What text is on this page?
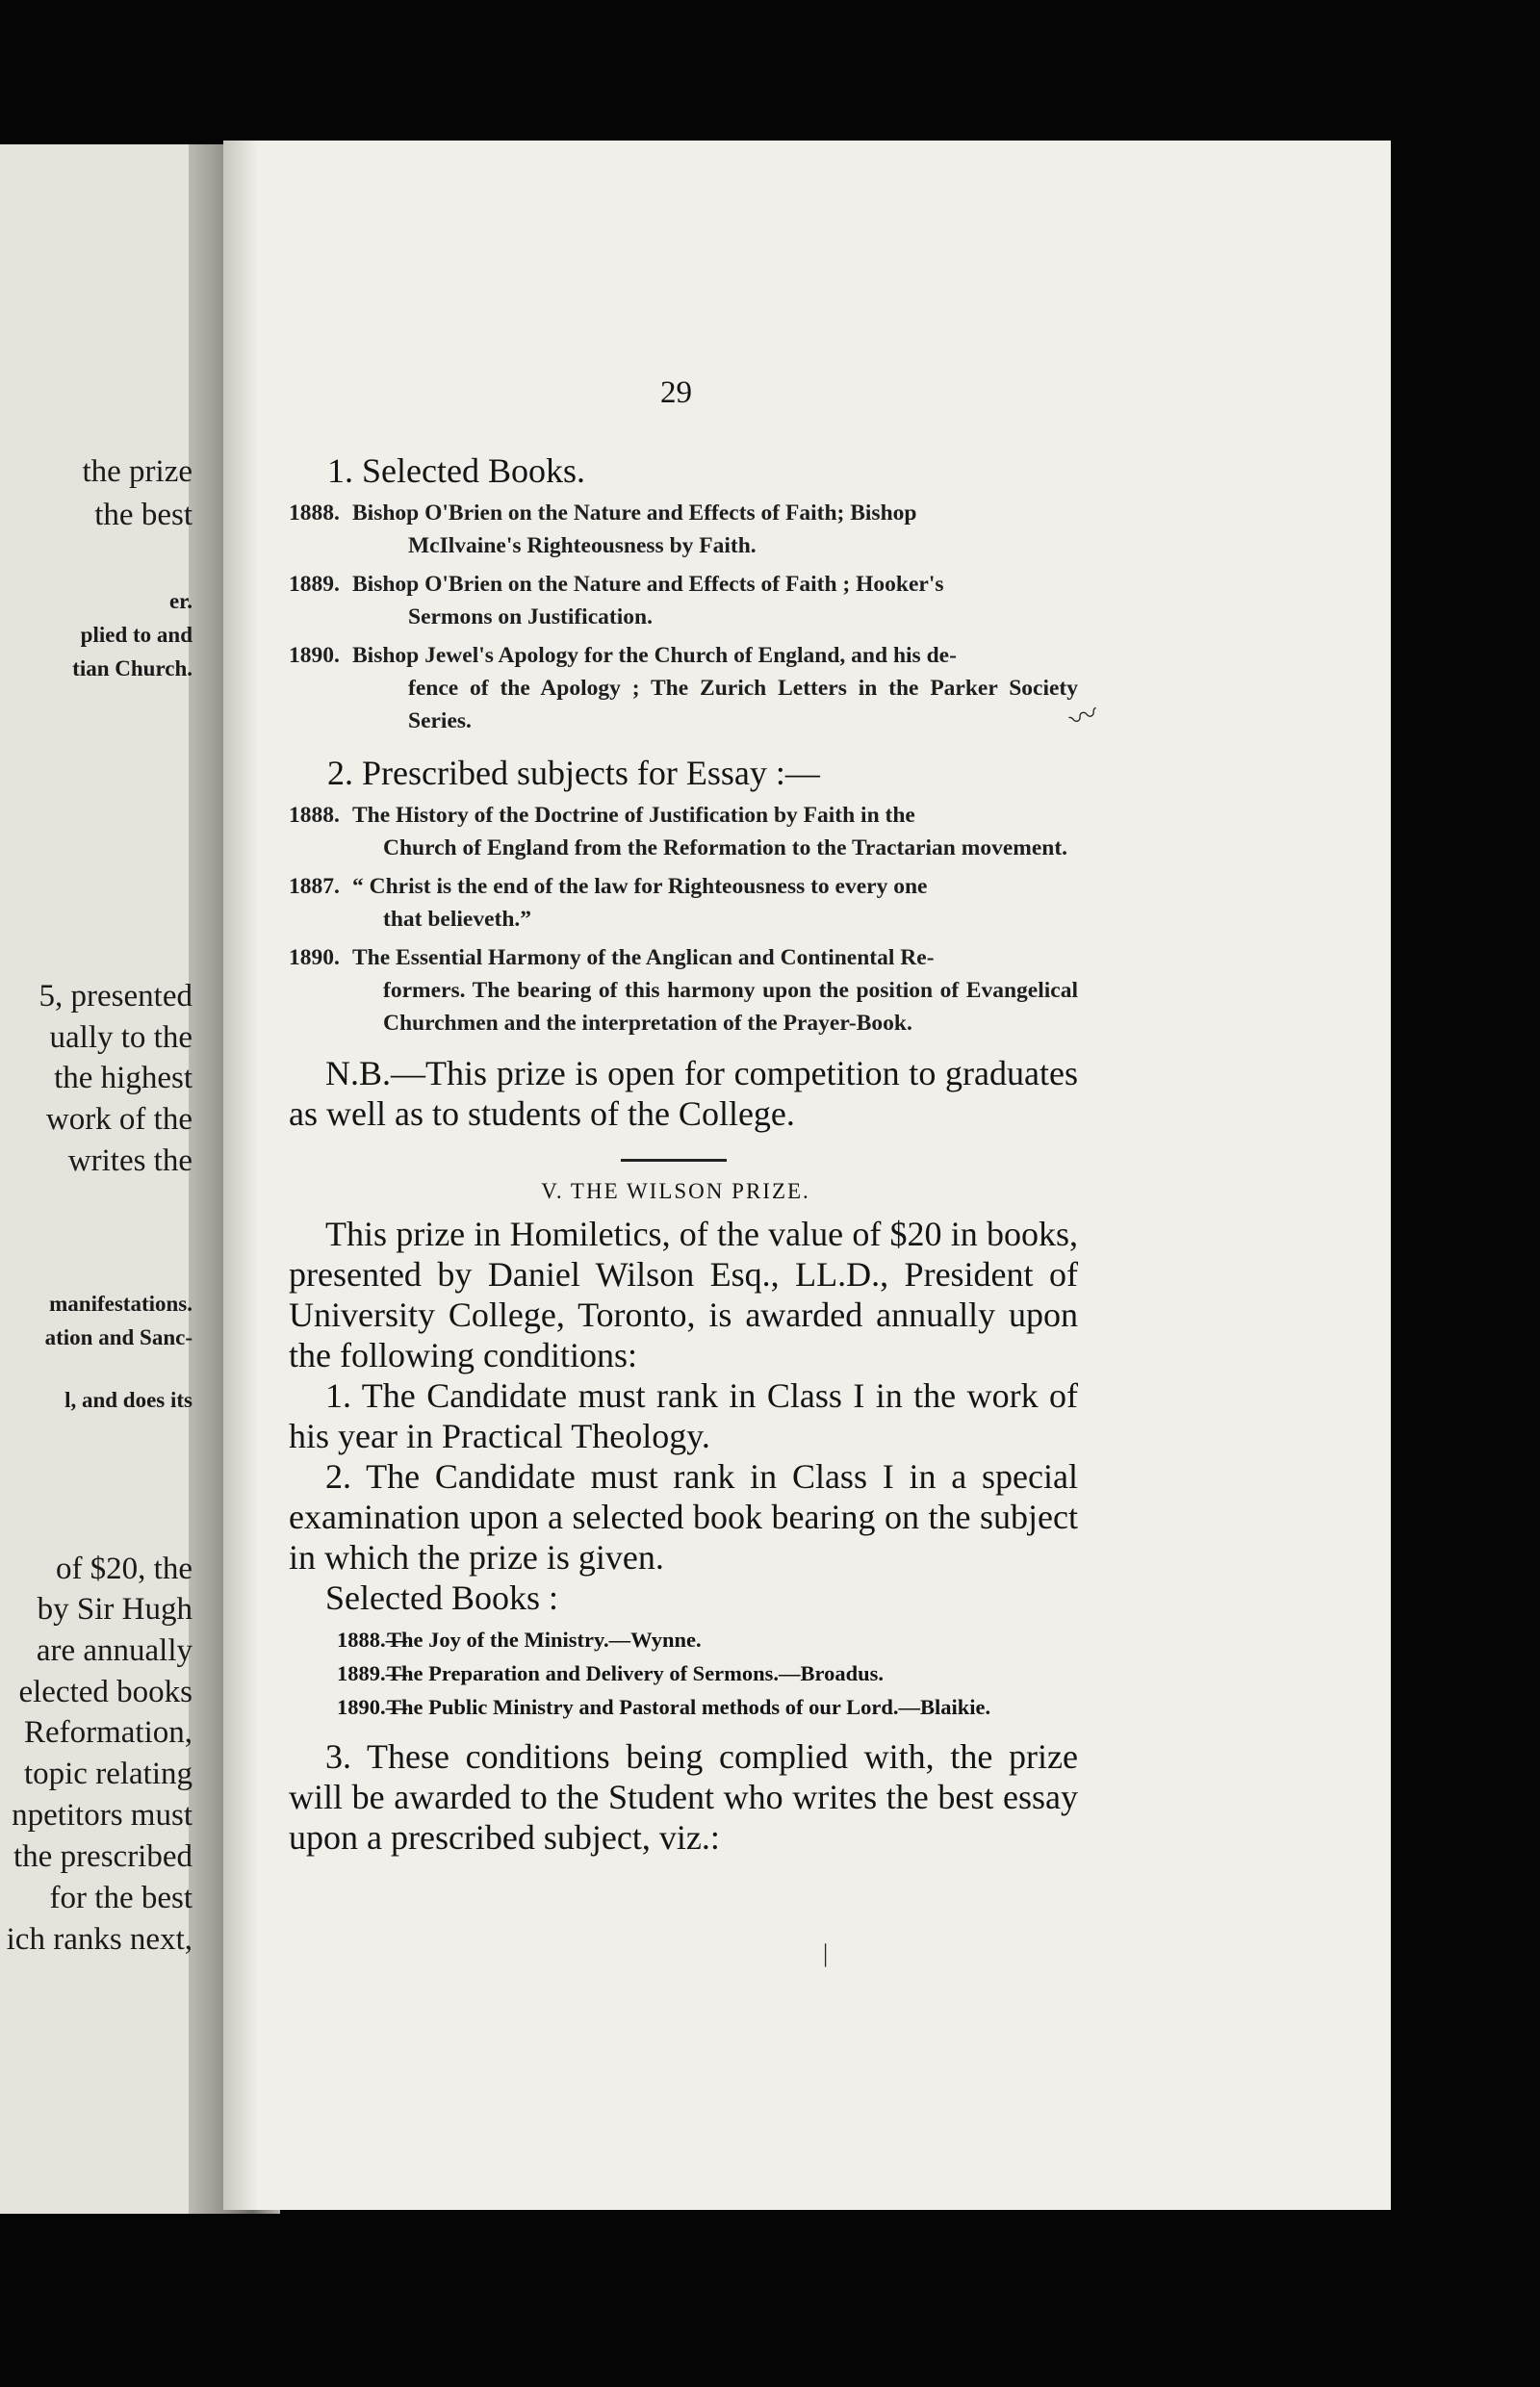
the prize
the best
er.
plied to and
tian Church.
5, presented
ually to the
the highest
work of the
writes the
manifestations.
ation and Sanc-
l, and does its
of $20, the
by Sir Hugh
are annually
elected books
Reformation,
topic relating
npetitors must
the prescribed
for the best
ich ranks next,
29
1. Selected Books.
1888. Bishop O'Brien on the Nature and Effects of Faith; Bishop
McIlvaine's Righteousness by Faith.
1889. Bishop O'Brien on the Nature and Effects of Faith ; Hooker's
Sermons on Justification.
1890. Bishop Jewel's Apology for the Church of England, and his de-
fence of the Apology ; The Zurich Letters in the Parker Society Series.
2. Prescribed subjects for Essay :—
1888. The History of the Doctrine of Justification by Faith in the
Church of England from the Reformation to the Tractarian movement.
1887. “ Christ is the end of the law for Righteousness to every one
that believeth.”
1890. The Essential Harmony of the Anglican and Continental Re-
formers. The bearing of this harmony upon the position of Evangelical Churchmen and the interpretation of the Prayer-Book.

N.B.—This prize is open for competition to graduates as well as to students of the College.

V. THE WILSON PRIZE.

This prize in Homiletics, of the value of $20 in books, presented by Daniel Wilson Esq., LL.D., President of University College, Toronto, is awarded annually upon the following conditions:

1. The Candidate must rank in Class I in the work of his year in Practical Theology.

2. The Candidate must rank in Class I in a special examination upon a selected book bearing on the subject in which the prize is given.

Selected Books :

1888.—
The Joy of the Ministry.—Wynne.
1889.—
The Preparation and Delivery of Sermons.—Broadus.
1890.—
The Public Ministry and Pastoral methods of our Lord.—Blaikie.

3. These conditions being complied with, the prize will be awarded to the Student who writes the best essay upon a prescribed subject, viz.:

〰
|
